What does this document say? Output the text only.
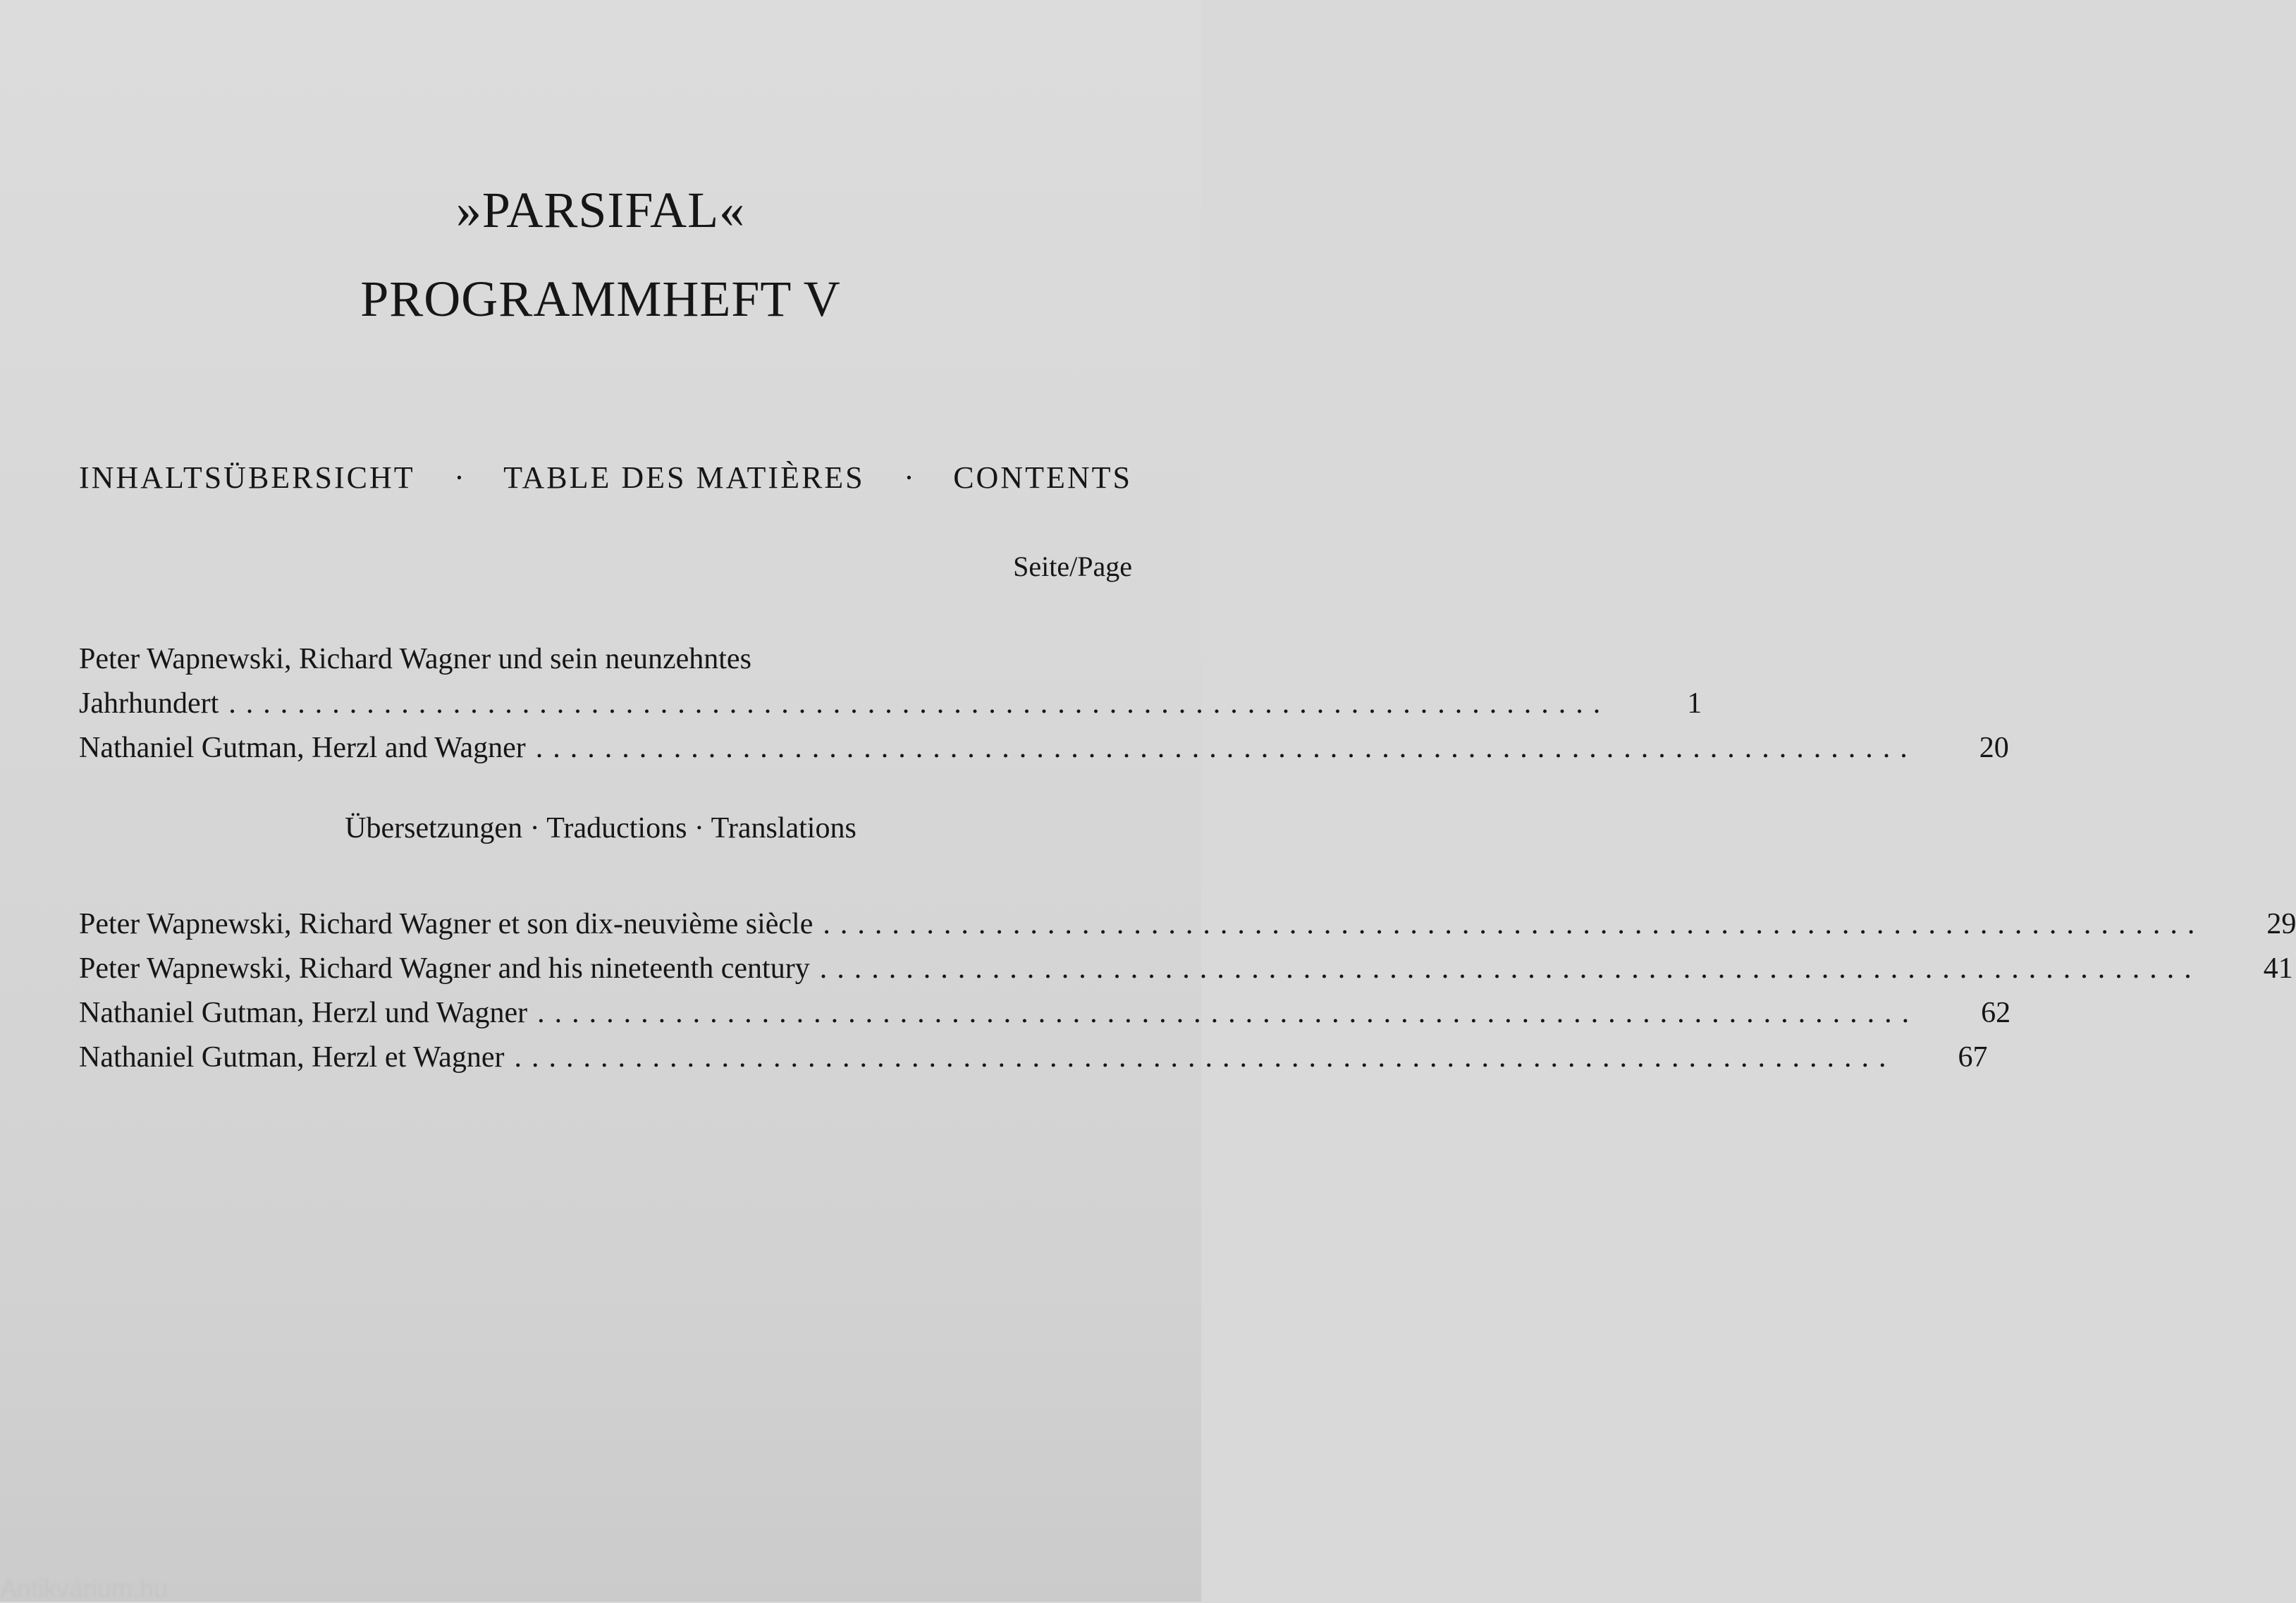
»PARSIFAL«
PROGRAMMHEFT V
INHALTSÜBERSICHT · TABLE DES MATIÈRES · CONTENTS
Seite/Page
Peter Wapnewski, Richard Wagner und sein neunzehntes
Jahrhundert ................................................................................	1
Nathaniel Gutman, Herzl and Wagner ................................................................................	20
Übersetzungen · Traductions · Translations
Peter Wapnewski, Richard Wagner et son dix-neuvième siècle ................................................................................	29
Peter Wapnewski, Richard Wagner and his nineteenth century ................................................................................	41
Nathaniel Gutman, Herzl und Wagner ................................................................................	62
Nathaniel Gutman, Herzl et Wagner ................................................................................	67
Antikvárium.hu
